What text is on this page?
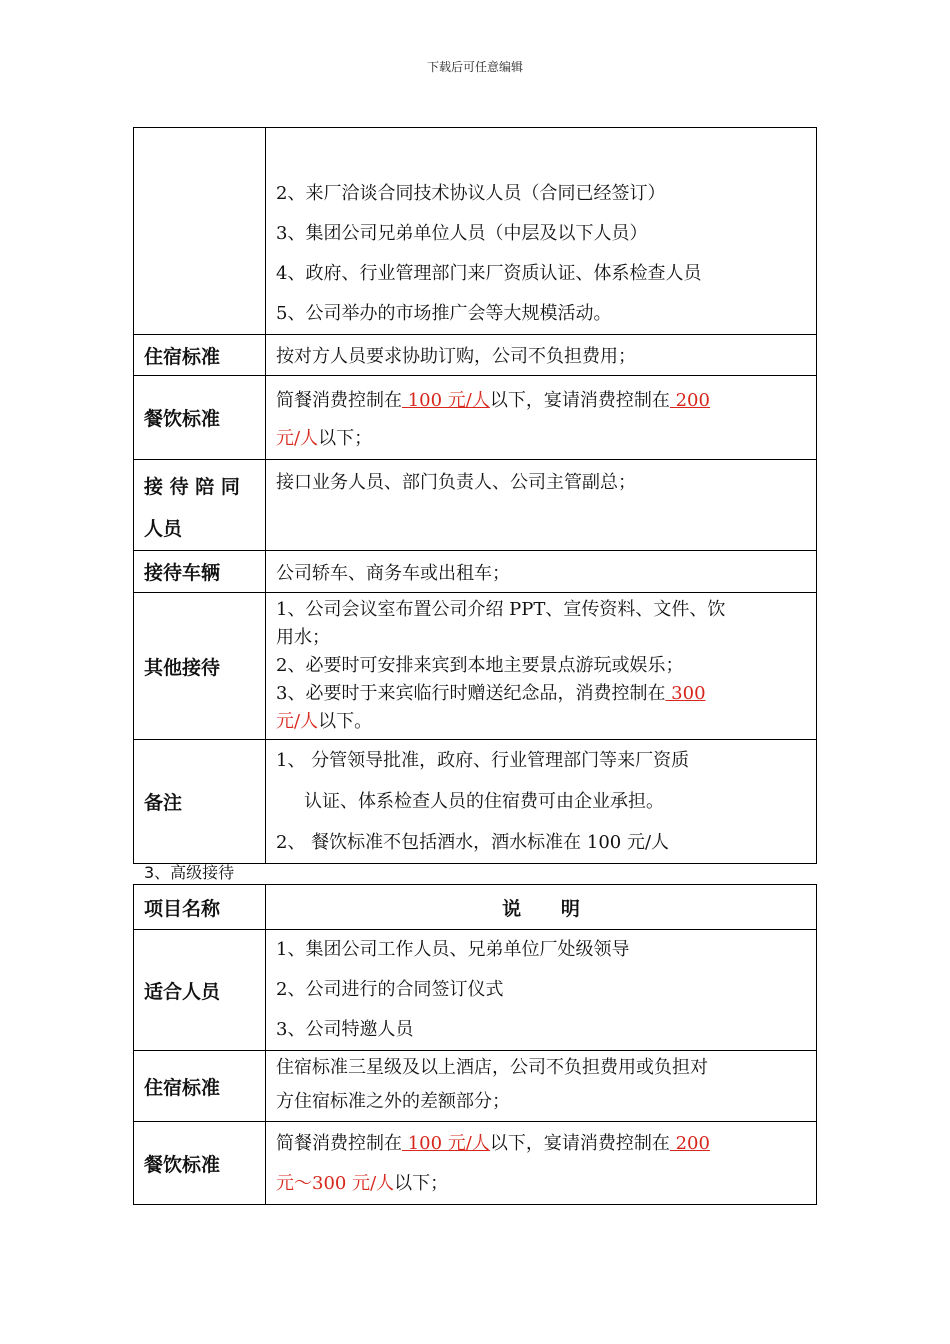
下载后可任意编辑

	2、来厂洽谈合同技术协议人员（合同已经签订）
3、集团公司兄弟单位人员（中层及以下人员）
4、政府、行业管理部门来厂资质认证、体系检查人员
5、公司举办的市场推广会等大规模活动。

住宿标准	按对方人员要求协助订购，公司不负担费用；

餐饮标准	简餐消费控制在 100 元/人以下，宴请消费控制在 200
元/人以下；

接 待 陪 同
人员	接口业务人员、部门负责人、公司主管副总；

接待车辆	公司轿车、商务车或出租车；

其他接待	1、公司会议室布置公司介绍 PPT、宣传资料、文件、饮
用水；
2、必要时可安排来宾到本地主要景点游玩或娱乐；
3、必要时于来宾临行时赠送纪念品，消费控制在 300
元/人以下。

备注	1、 分管领导批准，政府、行业管理部门等来厂资质
认证、体系检查人员的住宿费可由企业承担。
2、 餐饮标准不包括酒水，酒水标准在 100 元/人
3、高级接待
项目名称	说      明
适合人员	1、集团公司工作人员、兄弟单位厂处级领导
2、公司进行的合同签订仪式
3、公司特邀人员

住宿标准	住宿标准三星级及以上酒店，公司不负担费用或负担对
方住宿标准之外的差额部分；

餐饮标准	简餐消费控制在 100 元/人以下，宴请消费控制在 200
元～300 元/人以下；
